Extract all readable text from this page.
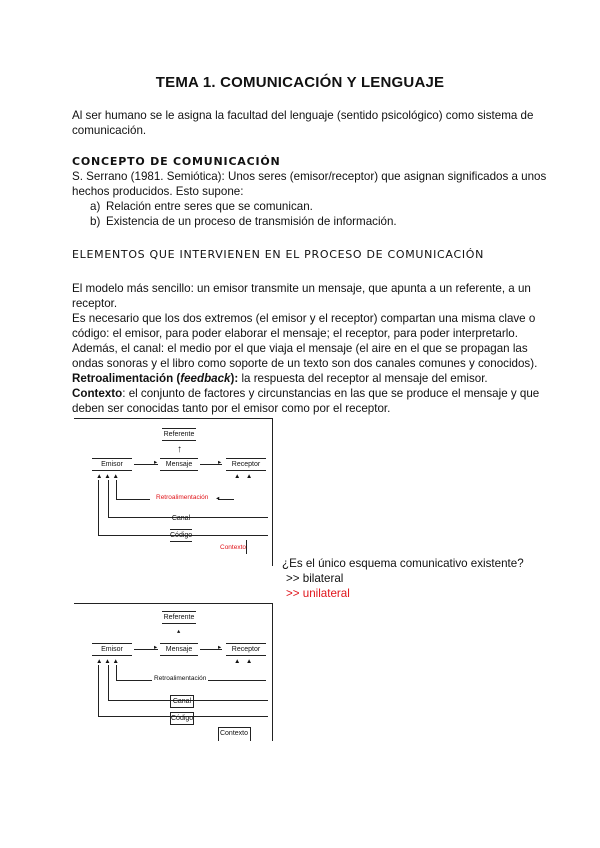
TEMA 1. COMUNICACIÓN Y LENGUAJE
Al ser humano se le asigna la facultad del lenguaje (sentido psicológico) como sistema de
comunicación.
CONCEPTO DE COMUNICACIÓN
S. Serrano (1981. Semiótica): Unos seres (emisor/receptor) que asignan significados a unos
hechos producidos. Esto supone:
a) Relación entre seres que se comunican.
b) Existencia de un proceso de transmisión de información.
ELEMENTOS QUE INTERVIENEN EN EL PROCESO DE COMUNICACIÓN
El modelo más sencillo: un emisor transmite un mensaje, que apunta a un referente, a un
receptor.
Es necesario que los dos extremos (el emisor y el receptor) compartan una misma clave o
código: el emisor, para poder elaborar el mensaje; el receptor, para poder interpretarlo.
Además, el canal: el medio por el que viaja el mensaje (el aire en el que se propagan las
ondas sonoras y el libro como soporte de un texto son dos canales comunes y conocidos).
Retroalimentación (feedback): la respuesta del receptor al mensaje del emisor.
Contexto: el conjunto de factores y circunstancias en las que se produce el mensaje y que
deben ser conocidas tanto por el emisor como por el receptor.
Referente
↑
Emisor	▸	Mensaje	▸	Receptor
▲ ▲ ▲	▲   ▲
Retroalimentación ◂
Canal
Código
Contexto
¿Es el único esquema comunicativo existente?
>> bilateral
>> unilateral
Referente
▴
Emisor	▸	Mensaje	▸	Receptor
▲ ▲ ▲	▲   ▲
Retroalimentación
Canal
Código
Contexto
